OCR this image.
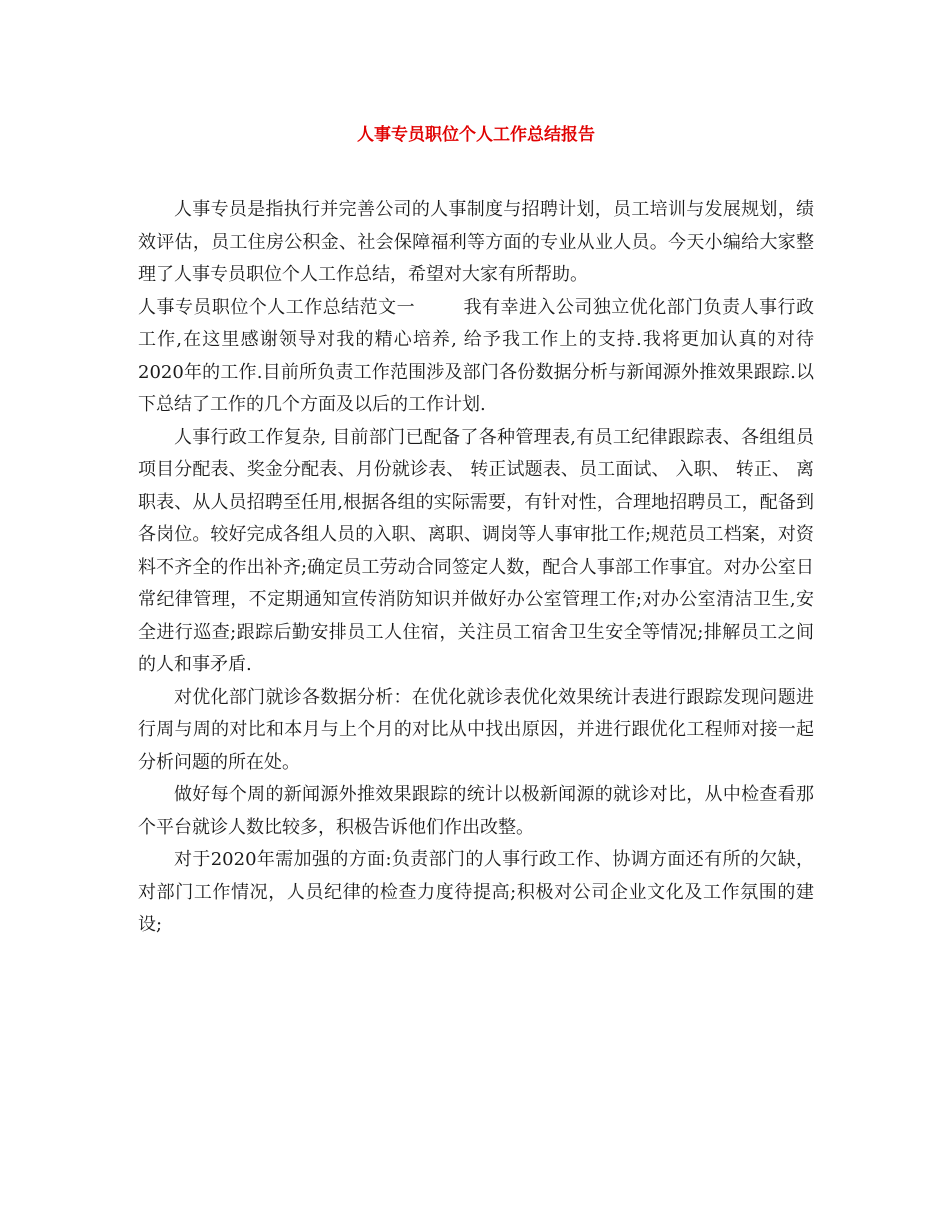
人事专员职位个人工作总结报告

人事专员是指执行并完善公司的人事制度与招聘计划，员工培训与发展规划，绩效评估，员工住房公积金、社会保障福利等方面的专业从业人员。今天小编给大家整理了人事专员职位个人工作总结，希望对大家有所帮助。

人事专员职位个人工作总结范文一	我有幸进入公司独立优化部门负责人事行政工作,在这里感谢领导对我的精心培养, 给予我工作上的支持.我将更加认真的对待2020年的工作.目前所负责工作范围涉及部门各份数据分析与新闻源外推效果跟踪.以下总结了工作的几个方面及以后的工作计划.

人事行政工作复杂, 目前部门已配备了各种管理表,有员工纪律跟踪表、各组组员项目分配表、奖金分配表、月份就诊表、 转正试题表、员工面试、 入职、 转正、 离职表、从人员招聘至任用,根据各组的实际需要，有针对性，合理地招聘员工，配备到各岗位。较好完成各组人员的入职、离职、调岗等人事审批工作;规范员工档案，对资料不齐全的作出补齐;确定员工劳动合同签定人数，配合人事部工作事宜。对办公室日常纪律管理，不定期通知宣传消防知识并做好办公室管理工作;对办公室清洁卫生,安全进行巡查;跟踪后勤安排员工人住宿，关注员工宿舍卫生安全等情况;排解员工之间的人和事矛盾.

对优化部门就诊各数据分析：在优化就诊表优化效果统计表进行跟踪发现问题进行周与周的对比和本月与上个月的对比从中找出原因，并进行跟优化工程师对接一起分析问题的所在处。

做好每个周的新闻源外推效果跟踪的统计以极新闻源的就诊对比，从中检查看那个平台就诊人数比较多，积极告诉他们作出改整。

对于2020年需加强的方面:负责部门的人事行政工作、协调方面还有所的欠缺，对部门工作情况，人员纪律的检查力度待提高;积极对公司企业文化及工作氛围的建设;
